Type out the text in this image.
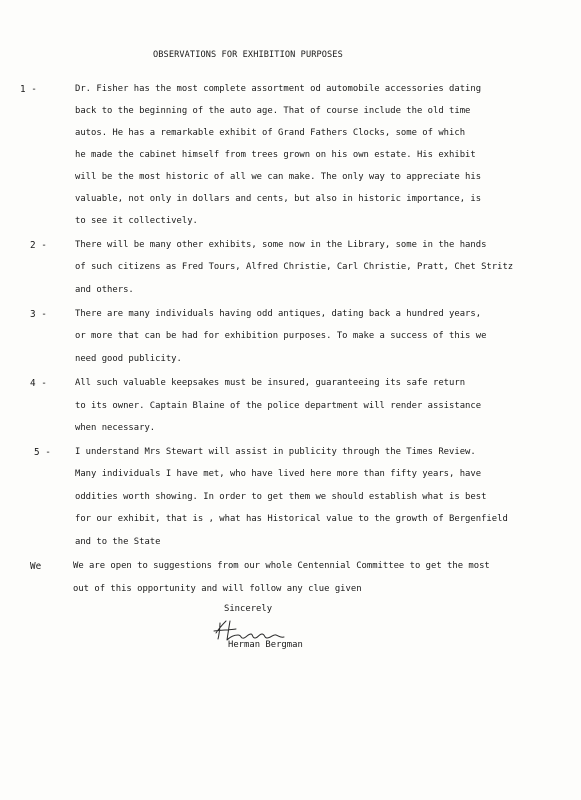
OBSERVATIONS FOR EXHIBITION PURPOSES
1 -	Dr. Fisher has the most complete assortment od automobile accessories dating
back to the beginning of the auto age. That of course include the old time
autos. He has a remarkable exhibit of Grand Fathers Clocks, some of which
he made the cabinet himself from trees grown on his own estate. His exhibit
will be the most historic of all we can make. The only way to appreciate his
valuable, not only in dollars and cents, but also in historic importance, is
to see it collectively.
2 -	There will be many other exhibits, some now in the Library, some in the hands
of such citizens as Fred Tours, Alfred Christie, Carl Christie, Pratt, Chet Stritz
and others.
3 -	There are many individuals having odd antiques, dating back a hundred years,
or more that can be had for exhibition purposes. To make a success of this we
need good publicity.
4 -	All such valuable keepsakes must be insured, guaranteeing its safe return
to its owner. Captain Blaine of the police department will render assistance
when necessary.
5 -	I understand Mrs Stewart will assist in publicity through the Times Review.
Many individuals I have met, who have lived here more than fifty years, have
oddities worth showing. In order to get them we should establish what is best
for our exhibit, that is , what has Historical value to the growth of Bergenfield
and to the State
We	We are open to suggestions from our whole Centennial Committee to get the most
out of this opportunity and will follow any clue given
Sincerely
Herman Bergman
